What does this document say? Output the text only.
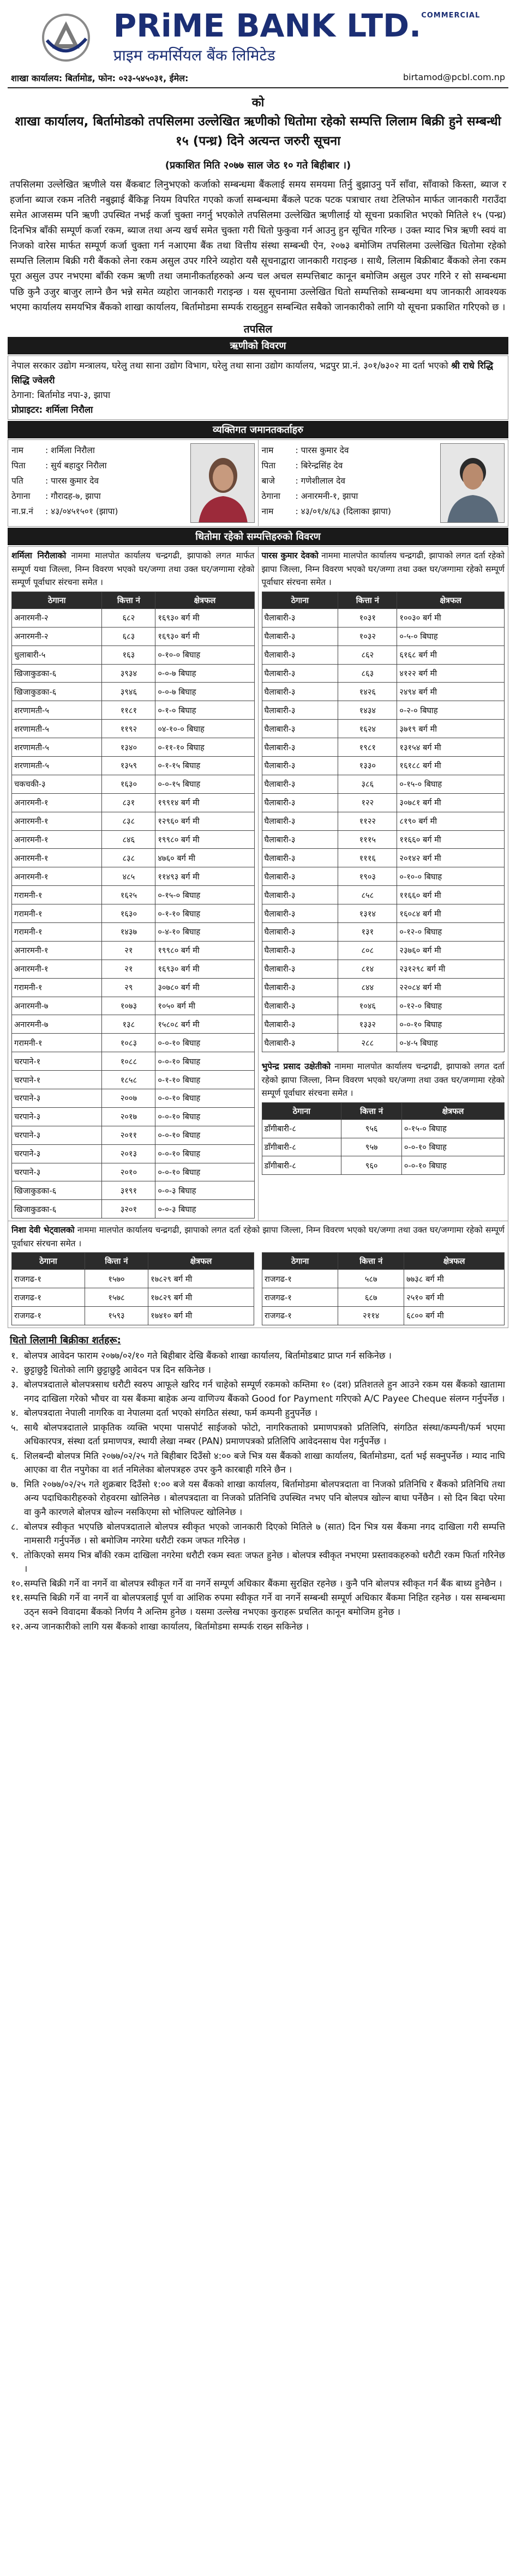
PRiME BANK LTD.$^{COMMERCIAL}$
प्राइम कमर्सियल बैंक लिमिटेड
शाखा कार्यालय: बिर्तामोड, फोन: ०२३-५४५०३१, ईमेल:	birtamod@pcbl.com.np
को
शाखा कार्यालय, बिर्तामोडको तपसिलमा उल्लेखित ऋणीको धितोमा रहेको सम्पत्ति लिलाम बिक्री हुने सम्बन्धी १५ (पन्ध्र) दिने अत्यन्त जरुरी सूचना
(प्रकाशित मिति २०७७ साल जेठ १० गते बिहीबार ।)
तपसिलमा उल्लेखित ऋणीले यस बैंकबाट लिनुभएको कर्जाको सम्बन्धमा बैंकलाई समय समयमा तिर्नु बुझाउनु पर्ने साँवा, साँवाको किस्ता, ब्याज र हर्जाना ब्याज रकम नतिरी नबुझाई बैंकिङ्ग नियम विपरित गएको कर्जा सम्बन्धमा बैंकले पटक पटक पत्राचार तथा टेलिफोन मार्फत जानकारी गराउँदा समेत आजसम्म पनि ऋणी उपस्थित नभई कर्जा चुक्ता नगर्नु भएकोले तपसिलमा उल्लेखित ऋणीलाई यो सूचना प्रकाशित भएको मितिले १५ (पन्ध्र) दिनभित्र बाँकी सम्पूर्ण कर्जा रकम, ब्याज तथा अन्य खर्च समेत चुक्ता गरी धितो फुकुवा गर्न आउनु हुन सूचित गरिन्छ । उक्त म्याद भित्र ऋणी स्वयं वा निजको वारेस मार्फत सम्पूर्ण कर्जा चुक्ता गर्न नआएमा बैंक तथा वित्तीय संस्था सम्बन्धी ऐन, २०७३ बमोजिम तपसिलमा उल्लेखित धितोमा रहेको सम्पत्ति लिलाम बिक्री गरी बैंकको लेना रकम असुल उपर गरिने व्यहोरा यसै सूचनाद्वारा जानकारी गराइन्छ । साथै, लिलाम बिक्रीबाट बैंकको लेना रकम पूरा असुल उपर नभएमा बाँकी रकम ऋणी तथा जमानीकर्ताहरुको अन्य चल अचल सम्पत्तिबाट कानून बमोजिम असुल उपर गरिने र सो सम्बन्धमा पछि कुनै उजुर बाजुर लाग्ने छैन भन्ने समेत व्यहोरा जानकारी गराइन्छ । यस सूचनामा उल्लेखित धितो सम्पत्तिको सम्बन्धमा थप जानकारी आवश्यक भएमा कार्यालय समयभित्र बैंकको शाखा कार्यालय, बिर्तामोडमा सम्पर्क राख्नुहुन सम्बन्धित सबैको जानकारीको लागि यो सूचना प्रकाशित गरिएको छ ।
तपसिल
ऋणीको विवरण
नेपाल सरकार उद्योग मन्त्रालय, घरेलु तथा साना उद्योग विभाग, घरेलु तथा साना उद्योग कार्यालय, भद्रपुर प्रा.नं. ३०१/७३०२ मा दर्ता भएको श्री राधे रिद्धि सिद्धि ज्वेलरी
ठेगाना: बिर्तामोड नपा-३, झापा
प्रोप्राइटर: शर्मिला निरौला
व्यक्तिगत जमानतकर्ताहरु
नाम	: शर्मिला निरौला
पिता	: सुर्य बहादुर निरौला
पति	: पारस कुमार देव
ठेगाना	: गौरादह-७, झापा
ना.प्र.नं	: ४३/०४५१५०१ (झापा)
नाम	: पारस कुमार देव
पिता	: बिरेन्द्रसिंह देव
बाजे	: गणेशीलाल देव
ठेगाना	: अनारमनी-१, झापा
नाम	: ४३/०१/४/६३ (दिलाका झापा)
धितोमा रहेको सम्पत्तिहरुको विवरण
शर्मिला निरौलाको नाममा मालपोत कार्यालय चन्द्रगढी, झापाको लगत मार्फत सम्पूर्ण यथा जिल्ला, निम्न विवरण भएको घर/जग्गा तथा उक्त घर/जग्गामा रहेको सम्पूर्ण पूर्वाधार संरचना समेत ।
ठेगाना	कित्ता नं	क्षेत्रफल
अनारमनी-२	६८२	१६९३० बर्ग मी
अनारमनी-२	६८३	१६९३० बर्ग मी
धुलाबारी-५	१६३	०-१०-० बिघाह
खिजाकुडका-६	३९३४	०-०-७ बिघाह
खिजाकुडका-६	३९४६	०-०-७ बिघाह
शरणामती-५	११८१	०-१-० बिघाह
शरणामती-५	११९२	०४-१०-० बिघाह
शरणामती-५	१३४०	०-११-१० बिघाह
शरणामती-५	१३५९	०-१-१५ बिघाह
चकचकी-३	१६३०	०-०-१५ बिघाह
अनारमनी-१	८३१	१९९१४ बर्ग मी
अनारमनी-१	८३८	१२९६० बर्ग मी
अनारमनी-१	८४६	१९९८० बर्ग मी
अनारमनी-१	८३८	४७६० बर्ग मी
अनारमनी-१	४८५	११४९३ बर्ग मी
गरामनी-१	१६२५	०-१५-० बिघाह
गरामनी-१	१६३०	०-१-१० बिघाह
गरामनी-१	१४३७	०-४-१० बिघाह
अनारमनी-१	२१	१९९८० बर्ग मी
अनारमनी-१	२१	१६९३० बर्ग मी
गरामनी-१	२९	३०७८० बर्ग मी
अनारमनी-७	१०७३	१०५० बर्ग मी
अनारमनी-७	१३८	१५८०८ बर्ग मी
गरामनी-१	१०८३	०-०-१० बिघाह
चरपाने-१	१०८८	०-०-१० बिघाह
चरपाने-१	१८५८	०-१-१० बिघाह
चरपाने-३	२००७	०-०-१० बिघाह
चरपाने-३	२०१७	०-०-१० बिघाह
चरपाने-३	२०११	०-०-१० बिघाह
चरपाने-३	२०१३	०-०-१० बिघाह
चरपाने-३	२०१०	०-०-१० बिघाह
खिजाकुडका-६	३१९१	०-०-३ बिघाह
खिजाकुडका-६	३२०१	०-०-३ बिघाह
पारस कुमार देवको नाममा मालपोत कार्यालय चन्द्रगढी, झापाको लगत दर्ता रहेको झापा जिल्ला, निम्न विवरण भएको घर/जग्गा तथा उक्त घर/जग्गामा रहेको सम्पूर्ण पूर्वाधार संरचना समेत ।
ठेगाना	कित्ता नं	क्षेत्रफल
घैलाबारी-३	१०३१	१००३० बर्ग मी
घैलाबारी-३	१०३२	०-५-० बिघाह
घैलाबारी-३	८६२	६१६८ बर्ग मी
घैलाबारी-३	८६३	४१२२ बर्ग मी
घैलाबारी-३	१४२६	२४९४ बर्ग मी
घैलाबारी-३	१४३४	०-२-० बिघाह
घैलाबारी-३	१६२४	३७१९ बर्ग मी
घैलाबारी-३	१९८१	१३१५४ बर्ग मी
घैलाबारी-३	१३३०	१६१८८ बर्ग मी
घैलाबारी-३	३८६	०-१५-० बिघाह
घैलाबारी-३	१२२	३०७८१ बर्ग मी
घैलाबारी-३	११२२	८१९० बर्ग मी
घैलाबारी-३	१११५	११६६० बर्ग मी
घैलाबारी-३	१११६	२०१४२ बर्ग मी
घैलाबारी-३	१९०३	०-१०-० बिघाह
घैलाबारी-३	८५८	११६६० बर्ग मी
घैलाबारी-३	१३१४	१६०८४ बर्ग मी
घैलाबारी-३	१३१	०-१२-० बिघाह
घैलाबारी-३	८०८	२३७६० बर्ग मी
घैलाबारी-३	८१४	२३१२९८ बर्ग मी
घैलाबारी-३	८४४	२२०८४ बर्ग मी
घैलाबारी-३	१०४६	०-१२-० बिघाह
घैलाबारी-३	१३३२	०-०-१० बिघाह
घैलाबारी-३	२८८	०-४-५ बिघाह
भुपेन्द्र प्रसाद उक्षेतीको नाममा मालपोत कार्यालय चन्द्रगढी, झापाको लगत दर्ता रहेको झापा जिल्ला, निम्न विवरण भएको घर/जग्गा तथा उक्त घर/जग्गामा रहेको सम्पूर्ण पूर्वाधार संरचना समेत ।
ठेगाना	कित्ता नं	क्षेत्रफल
डाँगीबारी-८	९५६	०-१५-० बिघाह
डाँगीबारी-८	९५७	०-०-१० बिघाह
डाँगीबारी-८	९६०	०-०-१० बिघाह
निशा देवी भेट्वालको नाममा मालपोत कार्यालय चन्द्रगढी, झापाको लगत दर्ता रहेको झापा जिल्ला, निम्न विवरण भएको घर/जग्गा तथा उक्त घर/जग्गामा रहेको सम्पूर्ण पूर्वाधार संरचना समेत ।
ठेगाना	कित्ता नं	क्षेत्रफल
राजगढ-१	१५७०	१७८२९ बर्ग मी
राजगढ-१	१५७८	१७८२९ बर्ग मी
राजगढ-१	१५९३	१७४१० बर्ग मी
ठेगाना	कित्ता नं	क्षेत्रफल
राजगढ-१	५८७	७७३८ बर्ग मी
राजगढ-१	६८७	२५१० बर्ग मी
राजगढ-१	२११४	६८०० बर्ग मी
धितो लिलामी बिक्रीका शर्तहरू:
१. बोलपत्र आवेदन फाराम २०७७/०२/१० गते बिहीबार देखि बैंकको शाखा कार्यालय, बिर्तामोडबाट प्राप्त गर्न सकिनेछ ।
२. छुट्टाछुट्टै धितोको लागि छुट्टाछुट्टै आवेदन पत्र दिन सकिनेछ ।
३. बोलपत्रदाताले बोलपत्रसाथ धरौटी स्वरुप आफूले खरिद गर्न चाहेको सम्पूर्ण रकमको कम्तिमा १० (दश) प्रतिशतले हुन आउने रकम यस बैंकको खातामा नगद दाखिला गरेको भौचर वा यस बैंकमा बाहेक अन्य वाणिज्य बैंकको Good for Payment गरिएको A/C Payee Cheque संलग्न गर्नुपर्नेछ ।
४. बोलपत्रदाता नेपाली नागरिक वा नेपालमा दर्ता भएको संगठित संस्था, फर्म कम्पनी हुनुपर्नेछ ।
५. साथै बोलपत्रदाताले प्राकृतिक व्यक्ति भएमा पासपोर्ट साईजको फोटो, नागरिकताको प्रमाणपत्रको प्रतिलिपि, संगठित संस्था/कम्पनी/फर्म भएमा अधिकारपत्र, संस्था दर्ता प्रमाणपत्र, स्थायी लेखा नम्बर (PAN) प्रमाणपत्रको प्रतिलिपि आवेदनसाथ पेश गर्नुपर्नेछ ।
६. शिलबन्दी बोलपत्र मिति २०७७/०२/२५ गते बिहीबार दिउँसो ४:०० बजे भित्र यस बैंकको शाखा कार्यालय, बिर्तामोडमा, दर्ता भई सक्नुपर्नेछ । म्याद नाघि आएका वा रीत नपुगेका वा शर्त नमिलेका बोलपत्रहरु उपर कुनै कारबाही गरिने छैन ।
७. मिति २०७७/०२/२५ गते शुक्रबार दिउँसो १:०० बजे यस बैंकको शाखा कार्यालय, बिर्तामोडमा बोलपत्रदाता वा निजको प्रतिनिधि र बैंकको प्रतिनिधि तथा अन्य पदाधिकारीहरुको रोहवरमा खोलिनेछ । बोलपत्रदाता वा निजको प्रतिनिधि उपस्थित नभए पनि बोलपत्र खोल्न बाधा पर्नेछैन । सो दिन बिदा परेमा वा कुनै कारणले बोलपत्र खोल्न नसकिएमा सो भोलिपल्ट खोलिनेछ ।
८. बोलपत्र स्वीकृत भएपछि बोलपत्रदाताले बोलपत्र स्वीकृत भएको जानकारी दिएको मितिले ७ (सात) दिन भित्र यस बैंकमा नगद दाखिला गरी सम्पत्ति नामसारी गर्नुपर्नेछ । सो बमोजिम नगरेमा धरौटी रकम जफत गरिनेछ ।
९. तोकिएको समय भित्र बाँकी रकम दाखिला नगरेमा धरौटी रकम स्वतः जफत हुनेछ । बोलपत्र स्वीकृत नभएमा प्रस्तावकहरुको धरौटी रकम फिर्ता गरिनेछ ।
१०. सम्पत्ति बिक्री गर्ने वा नगर्ने वा बोलपत्र स्वीकृत गर्ने वा नगर्ने सम्पूर्ण अधिकार बैंकमा सुरक्षित रहनेछ । कुनै पनि बोलपत्र स्वीकृत गर्न बैंक बाध्य हुनेछैन ।
११. सम्पत्ति बिक्री गर्ने वा नगर्ने वा बोलपत्रलाई पूर्ण वा आंशिक रुपमा स्वीकृत गर्ने वा नगर्ने सम्बन्धी सम्पूर्ण अधिकार बैंकमा निहित रहनेछ । यस सम्बन्धमा उठ्न सक्ने विवादमा बैंकको निर्णय नै अन्तिम हुनेछ । यसमा उल्लेख नभएका कुराहरू प्रचलित कानून बमोजिम हुनेछ ।
१२. अन्य जानकारीको लागि यस बैंकको शाखा कार्यालय, बिर्तामोडमा सम्पर्क राख्न सकिनेछ ।
